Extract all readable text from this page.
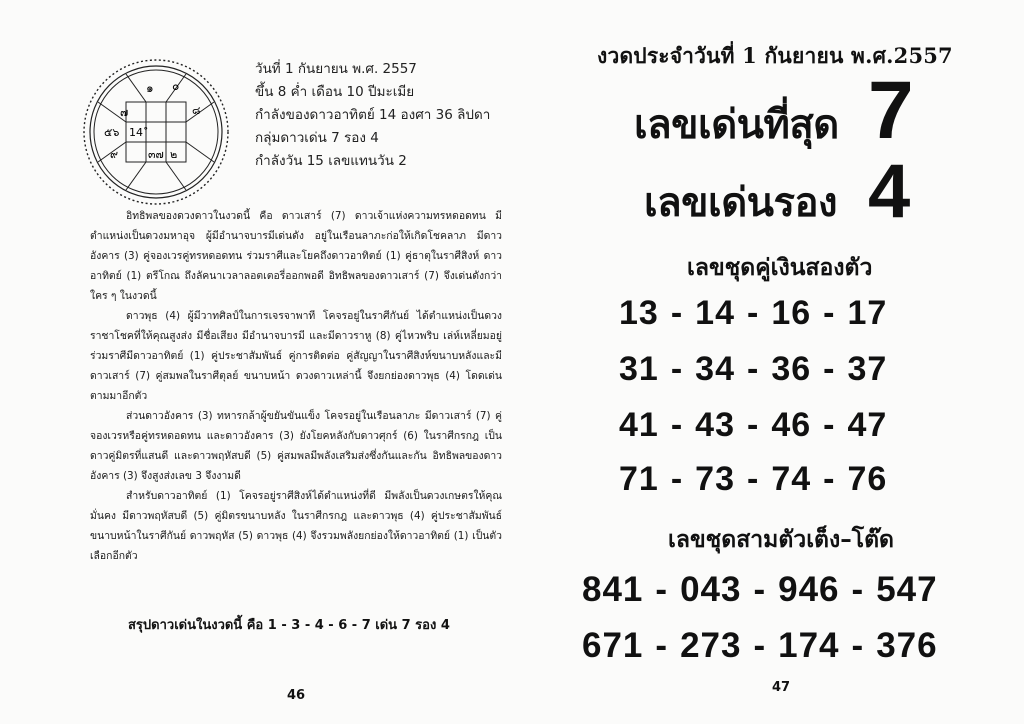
๑ ๐
๘
๗
๕๖ 14˚
๙	๓๗ ๒
วันที่ 1 กันยายน พ.ศ. 2557
ขึ้น 8 ค่ำ เดือน 10 ปีมะเมีย
กำลังของดาวอาทิตย์ 14 องศา 36 ลิปดา
กลุ่มดาวเด่น 7 รอง 4
กำลังวัน 15 เลขแทนวัน 2

อิทธิพลของดวงดาวในงวดนี้ คือ ดาวเสาร์ (7) ดาวเจ้าแห่งความทรหดอดทน มีตำแหน่งเป็นดวงมหาอุจ ผู้มีอำนาจบารมีเด่นดัง อยู่ในเรือนลาภะก่อให้เกิดโชคลาภ มีดาวอังคาร (3) คู่จองเวรคู่ทรหดอดทน ร่วมราศีและโยคถึงดาวอาทิตย์ (1) คู่ธาตุในราศีสิงห์ ดาวอาทิตย์ (1) ตรีโกณ ถึงลัคนาเวลาลอตเตอรี่ออกพอดี อิทธิพลของดาวเสาร์ (7) จึงเด่นดังกว่าใคร ๆ ในงวดนี้

ดาวพุธ (4) ผู้มีวาทศิลป์ในการเจรจาพาที โคจรอยู่ในราศีกันย์ ได้ตำแหน่งเป็นดวงราชาโชคที่ให้คุณสูงส่ง มีชื่อเสียง มีอำนาจบารมี และมีดาวราหู (8) คู่ไหวพริบ เล่ห์เหลี่ยมอยู่ร่วมราศีมีดาวอาทิตย์ (1) คู่ประชาสัมพันธ์ คู่การติดต่อ คู่สัญญาในราศีสิงห์ขนาบหลังและมีดาวเสาร์ (7) คู่สมพลในราศีตุลย์ ขนาบหน้า ดวงดาวเหล่านี้ จึงยกย่องดาวพุธ (4) โดดเด่น ตามมาอีกตัว

ส่วนดาวอังคาร (3) ทหารกล้าผู้ขยันขันแข็ง โคจรอยู่ในเรือนลาภะ มีดาวเสาร์ (7) คู่จองเวรหรือคู่ทรหดอดทน และดาวอังคาร (3) ยังโยคหลังกับดาวศุกร์ (6) ในราศีกรกฎ เป็นดาวคู่มิตรที่แสนดี และดาวพฤหัสบดี (5) คู่สมพลมีพลังเสริมส่งซึ่งกันและกัน อิทธิพลของดาวอังคาร (3) จึงสูงส่งเลข 3 จึงงามดี

สำหรับดาวอาทิตย์ (1) โคจรอยู่ราศีสิงห์ได้ตำแหน่งที่ดี มีพลังเป็นดวงเกษตรให้คุณมั่นคง มีดาวพฤหัสบดี (5) คู่มิตรขนาบหลัง ในราศีกรกฎ และดาวพุธ (4) คู่ประชาสัมพันธ์ขนาบหน้าในราศีกันย์ ดาวพฤหัส (5) ดาวพุธ (4) จึงรวมพลังยกย่องให้ดาวอาทิตย์ (1) เป็นตัวเลือกอีกตัว

สรุปดาวเด่นในงวดนี้ คือ 1 - 3 - 4 - 6 - 7 เด่น 7 รอง 4
46
งวดประจำวันที่ 1 กันยายน พ.ศ.2557
เลขเด่นที่สุด 7
เลขเด่นรอง 4
เลขชุดคู่เงินสองตัว
13 - 14 - 16 - 17
31 - 34 - 36 - 37
41 - 43 - 46 - 47
71 - 73 - 74 - 76
เลขชุดสามตัวเต็ง–โต๊ด
841 - 043 - 946 - 547
671 - 273 - 174 - 376
47
